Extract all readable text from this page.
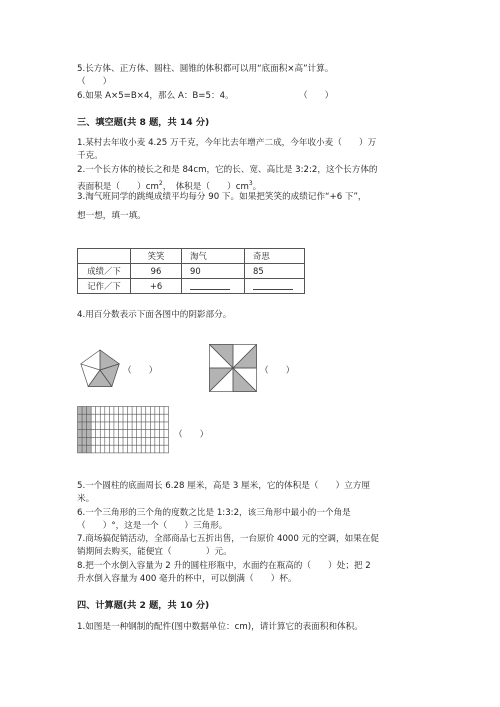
5.长方体、正方体、圆柱、圆锥的体积都可以用“底面积×高”计算。
（　　）
6.如果 A×5=B×4，那么 A：B=5：4。	（　　）
三、填空题(共 8 题，共 14 分)
1.某村去年收小麦 4.25 万千克，今年比去年增产二成，今年收小麦（　　）万
千克。
2.一个长方体的棱长之和是 84cm，它的长、宽、高比是 3:2:2，这个长方体的
表面积是（　　）$cm^2$，　体积是（　　）$cm^3$。
3.淘气班同学的跳绳成绩平均每分 90 下。如果把笑笑的成绩记作“+6 下”，
想一想，填一填。
	笑笑	淘气	奇思
成绩／下	96	90	85
记作／下	+6		
4.用百分数表示下面各图中的阴影部分。
（　　）	（　　）
（　　）
5.一个圆柱的底面周长 6.28 厘米，高是 3 厘米，它的体积是（　　）立方厘
米。
6.一个三角形的三个角的度数之比是 1:3:2，该三角形中最小的一个角是
（　　）°，这是一个（　　）三角形。
7.商场搞促销活动，全部商品七五折出售，一台原价 4000 元的空调，如果在促
销期间去购买，能便宜（　　　　）元。
8.把一个水倒入容量为 2 升的圆柱形瓶中，水面约在瓶高的（　　）处；把 2
升水倒入容量为 400 毫升的杯中，可以倒满（　　）杯。
四、计算题(共 2 题，共 10 分)
1.如图是一种钢制的配件(图中数据单位：cm)，请计算它的表面积和体积。
